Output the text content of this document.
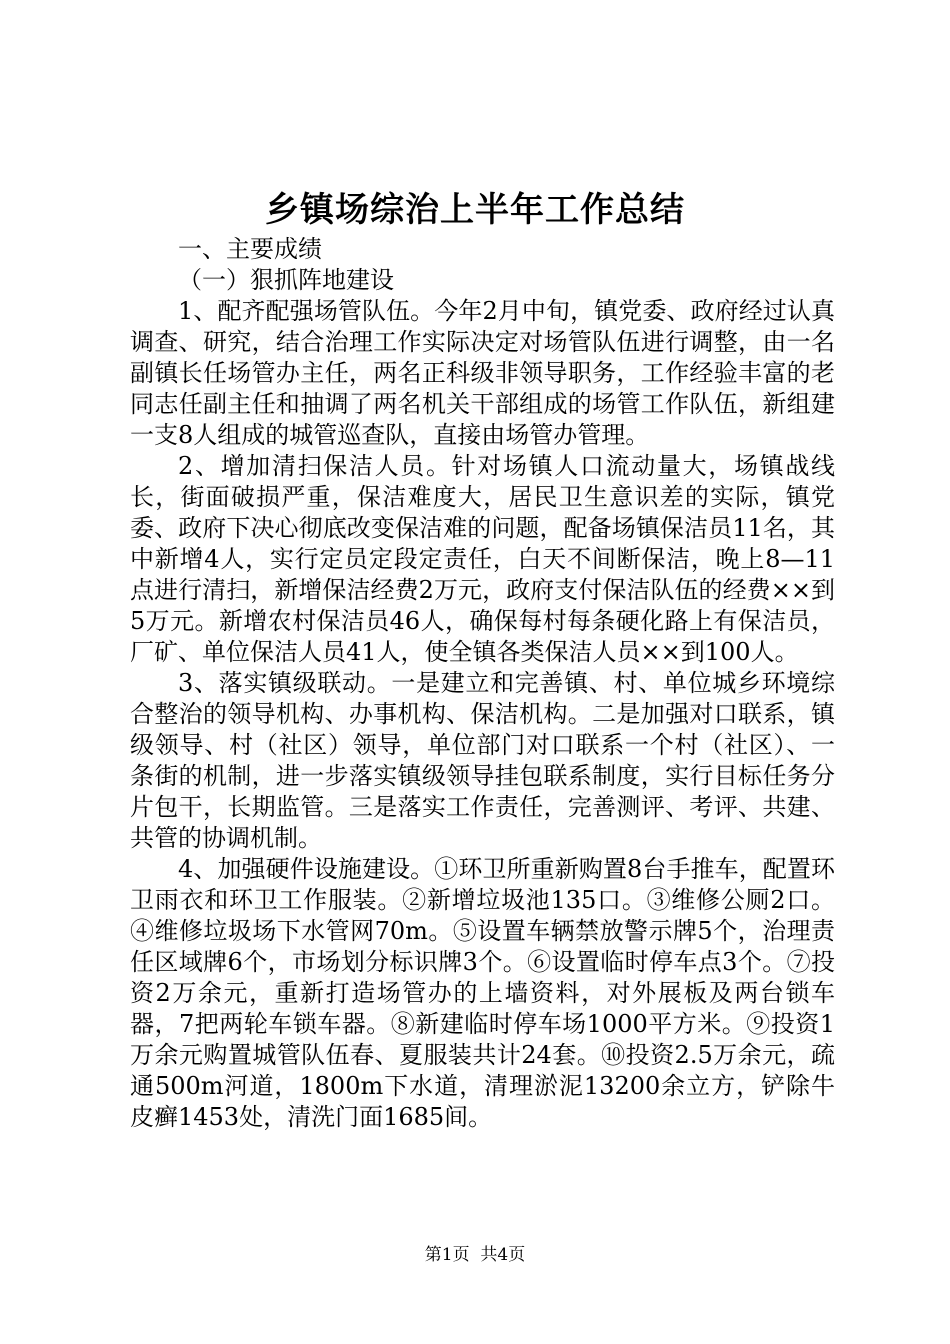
乡镇场综治上半年工作总结

一、主要成绩

（一）狠抓阵地建设

1、配齐配强场管队伍。今年2月中旬，镇党委、政府经过认真调查、研究，结合治理工作实际决定对场管队伍进行调整，由一名副镇长任场管办主任，两名正科级非领导职务，工作经验丰富的老同志任副主任和抽调了两名机关干部组成的场管工作队伍，新组建一支8人组成的城管巡查队，直接由场管办管理。

2、增加清扫保洁人员。针对场镇人口流动量大，场镇战线长，街面破损严重，保洁难度大，居民卫生意识差的实际，镇党委、政府下决心彻底改变保洁难的问题，配备场镇保洁员11名，其中新增4人，实行定员定段定责任，白天不间断保洁，晚上8—11点进行清扫，新增保洁经费2万元，政府支付保洁队伍的经费××到5万元。新增农村保洁员46人，确保每村每条硬化路上有保洁员，厂矿、单位保洁人员41人，使全镇各类保洁人员××到100人。

3、落实镇级联动。一是建立和完善镇、村、单位城乡环境综合整治的领导机构、办事机构、保洁机构。二是加强对口联系，镇级领导、村（社区）领导，单位部门对口联系一个村（社区）、一条街的机制，进一步落实镇级领导挂包联系制度，实行目标任务分片包干，长期监管。三是落实工作责任，完善测评、考评、共建、共管的协调机制。

4、加强硬件设施建设。①环卫所重新购置8台手推车，配置环卫雨衣和环卫工作服装。②新增垃圾池135口。③维修公厕2口。④维修垃圾场下水管网70m。⑤设置车辆禁放警示牌5个，治理责任区域牌6个，市场划分标识牌3个。⑥设置临时停车点3个。⑦投资2万余元，重新打造场管办的上墙资料，对外展板及两台锁车器，7把两轮车锁车器。⑧新建临时停车场1000平方米。⑨投资1万余元购置城管队伍春、夏服装共计24套。⑩投资2.5万余元，疏通500m河道，1800m下水道，清理淤泥13200余立方，铲除牛皮癣1453处，清洗门面1685间。

第1页 共4页
